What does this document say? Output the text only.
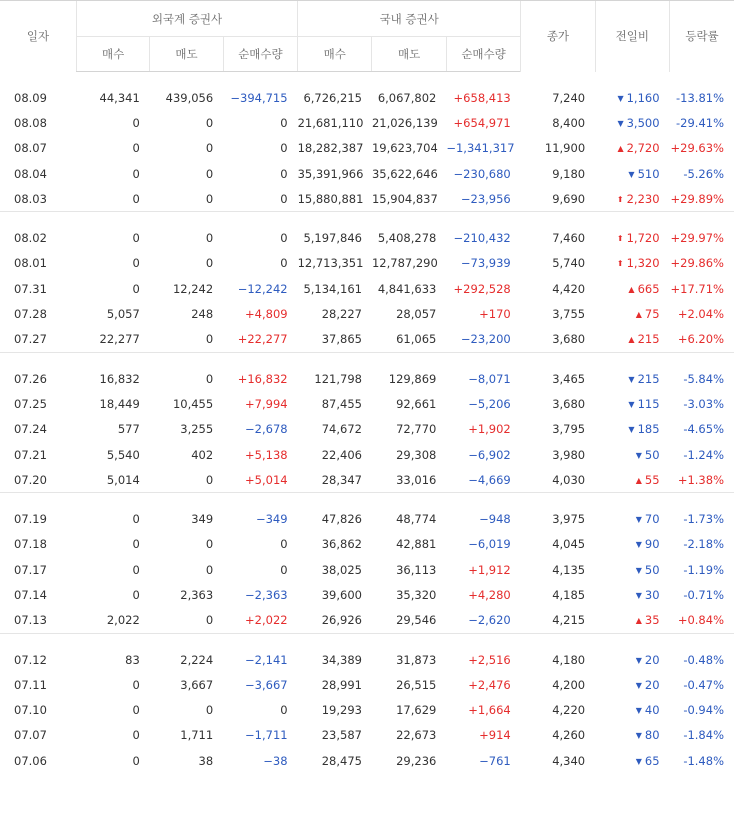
일자	외국계 증권사			국내 증권사			종가	전일비	등락률
	매수	매도	순매수량	매수	매도	순매수량			

08.09	44,341	439,056	−394,715	6,726,215	6,067,802	+658,413	7,240	▼ 1,160	-13.81%
08.08	0	0	0	21,681,110	21,026,139	+654,971	8,400	▼ 3,500	-29.41%
08.07	0	0	0	18,282,387	19,623,704	−1,341,317	11,900	▲ 2,720	+29.63%
08.04	0	0	0	35,391,966	35,622,646	−230,680	9,180	▼ 510	-5.26%
08.03	0	0	0	15,880,881	15,904,837	−23,956	9,690	⬆ 2,230	+29.89%

08.02	0	0	0	5,197,846	5,408,278	−210,432	7,460	⬆ 1,720	+29.97%
08.01	0	0	0	12,713,351	12,787,290	−73,939	5,740	⬆ 1,320	+29.86%
07.31	0	12,242	−12,242	5,134,161	4,841,633	+292,528	4,420	▲ 665	+17.71%
07.28	5,057	248	+4,809	28,227	28,057	+170	3,755	▲ 75	+2.04%
07.27	22,277	0	+22,277	37,865	61,065	−23,200	3,680	▲ 215	+6.20%

07.26	16,832	0	+16,832	121,798	129,869	−8,071	3,465	▼ 215	-5.84%
07.25	18,449	10,455	+7,994	87,455	92,661	−5,206	3,680	▼ 115	-3.03%
07.24	577	3,255	−2,678	74,672	72,770	+1,902	3,795	▼ 185	-4.65%
07.21	5,540	402	+5,138	22,406	29,308	−6,902	3,980	▼ 50	-1.24%
07.20	5,014	0	+5,014	28,347	33,016	−4,669	4,030	▲ 55	+1.38%

07.19	0	349	−349	47,826	48,774	−948	3,975	▼ 70	-1.73%
07.18	0	0	0	36,862	42,881	−6,019	4,045	▼ 90	-2.18%
07.17	0	0	0	38,025	36,113	+1,912	4,135	▼ 50	-1.19%
07.14	0	2,363	−2,363	39,600	35,320	+4,280	4,185	▼ 30	-0.71%
07.13	2,022	0	+2,022	26,926	29,546	−2,620	4,215	▲ 35	+0.84%

07.12	83	2,224	−2,141	34,389	31,873	+2,516	4,180	▼ 20	-0.48%
07.11	0	3,667	−3,667	28,991	26,515	+2,476	4,200	▼ 20	-0.47%
07.10	0	0	0	19,293	17,629	+1,664	4,220	▼ 40	-0.94%
07.07	0	1,711	−1,711	23,587	22,673	+914	4,260	▼ 80	-1.84%
07.06	0	38	−38	28,475	29,236	−761	4,340	▼ 65	-1.48%
